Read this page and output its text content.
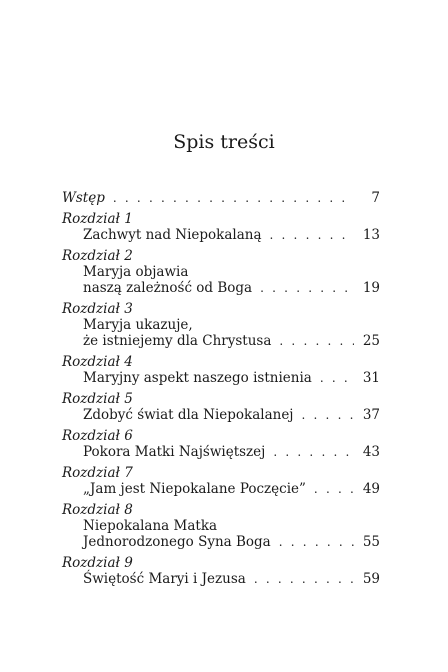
Spis treści
Wstęp . . .	7
Rozdział 1
Zachwyt nad Niepokalaną . . .	13
Rozdział 2
Maryja objawia
naszą zależność od Boga . . .	19
Rozdział 3
Maryja ukazuje,
że istniejemy dla Chrystusa . . .	25
Rozdział 4
Maryjny aspekt naszego istnienia . . .	31
Rozdział 5
Zdobyć świat dla Niepokalanej . . .	37
Rozdział 6
Pokora Matki Najświętszej . . .	43
Rozdział 7
„Jam jest Niepokalane Poczęcie” . . .	49
Rozdział 8
Niepokalana Matka
Jednorodzonego Syna Boga . . .	55
Rozdział 9
Świętość Maryi i Jezusa . . .	59
